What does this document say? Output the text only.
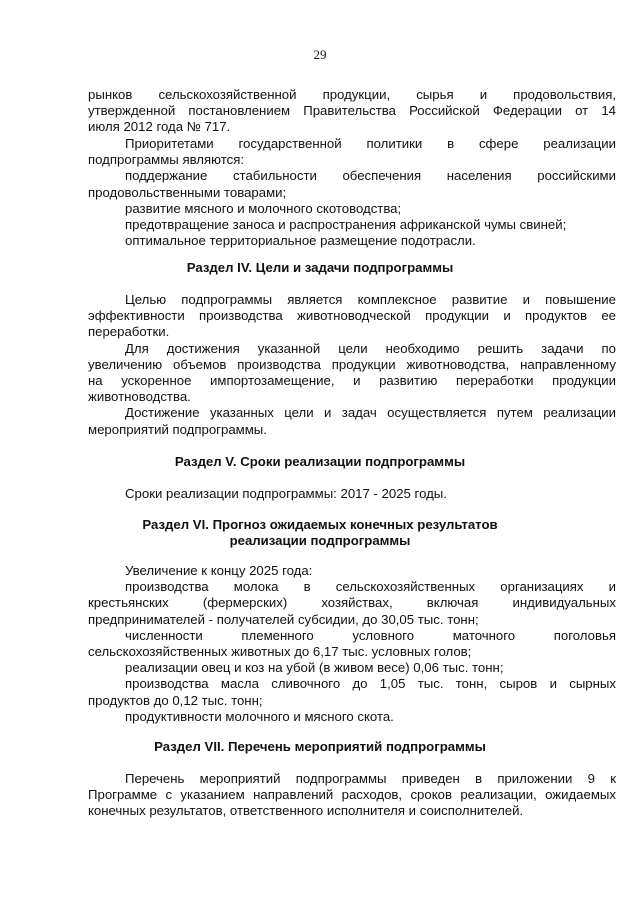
29

рынков сельскохозяйственной продукции, сырья и продовольствия,

утвержденной постановлением Правительства Российской Федерации от 14

июля 2012 года № 717.

Приоритетами государственной политики в сфере реализации

подпрограммы являются:

поддержание стабильности обеспечения населения российскими

продовольственными товарами;

развитие мясного и молочного скотоводства;

предотвращение заноса и распространения африканской чумы свиней;

оптимальное территориальное размещение подотрасли.

Раздел IV. Цели и задачи подпрограммы

Целью подпрограммы является комплексное развитие и повышение

эффективности производства животноводческой продукции и продуктов ее

переработки.

Для достижения указанной цели необходимо решить задачи по

увеличению объемов производства продукции животноводства, направленному

на ускоренное импортозамещение, и развитию переработки продукции

животноводства.

Достижение указанных цели и задач осуществляется путем реализации

мероприятий подпрограммы.

Раздел V. Сроки реализации подпрограммы

Сроки реализации подпрограммы: 2017 - 2025 годы.

Раздел VI. Прогноз ожидаемых конечных результатов
реализации подпрограммы

Увеличение к концу 2025 года:

производства молока в сельскохозяйственных организациях и

крестьянских (фермерских) хозяйствах, включая индивидуальных

предпринимателей - получателей субсидии, до 30,05 тыс. тонн;

численности племенного условного маточного поголовья

сельскохозяйственных животных до 6,17 тыс. условных голов;

реализации овец и коз на убой (в живом весе) 0,06 тыс. тонн;

производства масла сливочного до 1,05 тыс. тонн, сыров и сырных

продуктов до 0,12 тыс. тонн;

продуктивности молочного и мясного скота.

Раздел VII. Перечень мероприятий подпрограммы

Перечень мероприятий подпрограммы приведен в приложении 9 к

Программе с указанием направлений расходов, сроков реализации, ожидаемых

конечных результатов, ответственного исполнителя и соисполнителей.
